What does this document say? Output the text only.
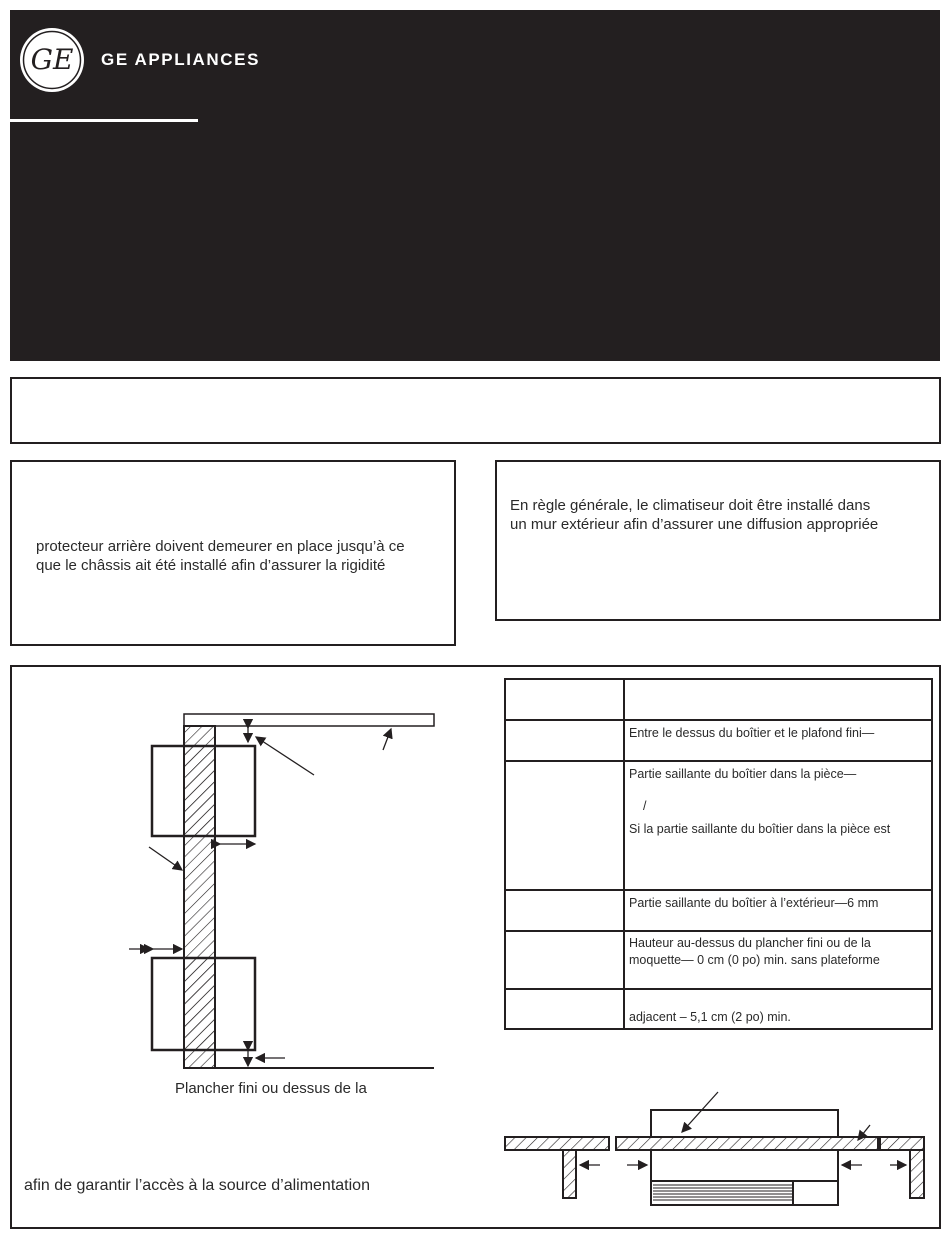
GE GE APPLIANCES
protecteur arrière doivent demeurer en place jusqu’à ce
que le châssis ait été installé afin d’assurer la rigidité
En règle générale, le climatiseur doit être installé dans
un mur extérieur afin d’assurer une diffusion appropriée
Entre le dessus du boîtier et le plafond fini—
Partie saillante du boîtier dans la pièce—
/
Si la partie saillante du boîtier dans la pièce est
Partie saillante du boîtier à l’extérieur—6 mm
Hauteur au-dessus du plancher fini ou de la
moquette— 0 cm (0 po) min. sans plateforme
adjacent – 5,1 cm (2 po) min.
Plancher fini ou dessus de la
afin de garantir l’accès à la source d’alimentation
